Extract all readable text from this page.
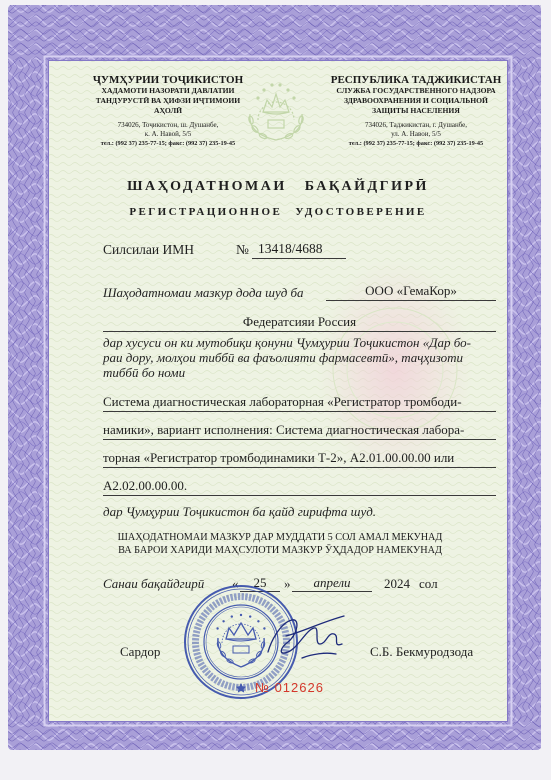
ҶУМҲУРИИ ТОҶИКИСТОН
ХАДАМОТИ НАЗОРАТИ ДАВЛАТИИ
ТАНДУРУСТӢ ВА ҲИФЗИ ИҶТИМОИИ
АҲОЛӢ
734026, Тоҷикистон, ш. Душанбе,
к. А. Навоӣ, 5/5
тел.: (992 37) 235-77-15; факс: (992 37) 235-19-45
РЕСПУБЛИКА ТАДЖИКИСТАН
СЛУЖБА ГОСУДАРСТВЕННОГО НАДЗОРА
ЗДРАВООХРАНЕНИЯ И СОЦИАЛЬНОЙ
ЗАЩИТЫ НАСЕЛЕНИЯ
734026, Таджикистан, г. Душанбе,
ул. А. Навои, 5/5
тел.: (992 37) 235-77-15; факс: (992 37) 235-19-45
ШАҲОДАТНОМАИ БАҚАЙДГИРӢ
РЕГИСТРАЦИОННОЕ УДОСТОВЕРЕНИЕ
Силсилаи ИМН	№ 13418/4688
Шаҳодатномаи мазкур дода шуд ба	ООО «ГемаКор»
Федератсияи Россия
дар хусуси он ки мутобиқи қонуни Ҷумҳурии Тоҷикистон «Дар бо-
раи дору, молҳои тиббӣ ва фаъолияти фармасевтӣ», таҷҳизоти
тиббӣ бо номи
Система диагностическая лабораторная «Регистратор тромбоди-
намики», вариант исполнения: Система диагностическая лабора-
торная «Регистратор тромбодинамики Т-2», А2.01.00.00.00 или
А2.02.00.00.00.
дар Ҷумҳурии Тоҷикистон ба қайд гирифта шуд.
ШАҲОДАТНОМАИ МАЗКУР ДАР МУДДАТИ 5 СОЛ АМАЛ МЕКУНАД
ВА БАРОИ ХАРИДИ МАҲСУЛОТИ МАЗКУР ӮҲДАДОР НАМЕКУНАД
Санаи бақайдгирӣ «	25	»	апрели	2024 сол
Сардор	С.Б. Бекмуродзода
№ 012626
